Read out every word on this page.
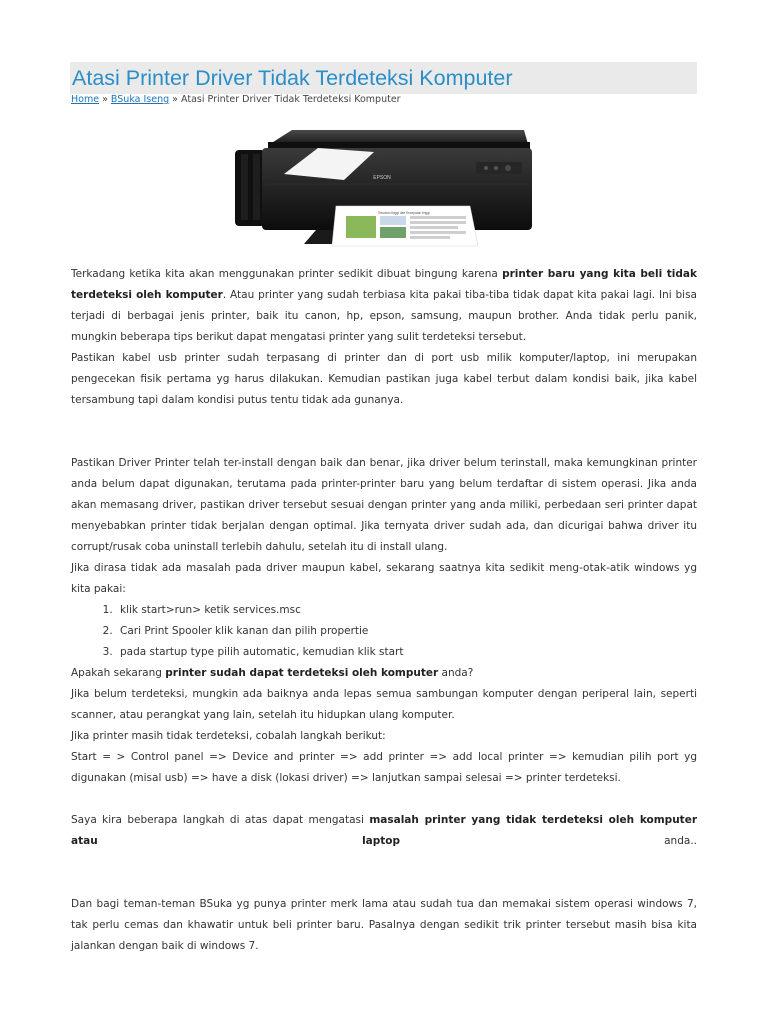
Atasi Printer Driver Tidak Terdeteksi Komputer
Home » BSuka Iseng » Atasi Printer Driver Tidak Terdeteksi Komputer
EPSON
Resolusi tinggi dan Kecepatan tinggi

Terkadang ketika kita akan menggunakan printer sedikit dibuat bingung karena printer baru yang kita beli tidak terdeteksi oleh komputer. Atau printer yang sudah terbiasa kita pakai tiba-tiba tidak dapat kita pakai lagi. Ini bisa terjadi di berbagai jenis printer, baik itu canon, hp, epson, samsung, maupun brother. Anda tidak perlu panik, mungkin beberapa tips berikut dapat mengatasi printer yang sulit terdeteksi tersebut.

Pastikan kabel usb printer sudah terpasang di printer dan di port usb milik komputer/laptop, ini merupakan pengecekan fisik pertama yg harus dilakukan. Kemudian pastikan juga kabel terbut dalam kondisi baik, jika kabel tersambung tapi dalam kondisi putus tentu tidak ada gunanya.

Pastikan Driver Printer telah ter-install dengan baik dan benar, jika driver belum terinstall, maka kemungkinan printer anda belum dapat digunakan, terutama pada printer-printer baru yang belum terdaftar di sistem operasi. Jika anda akan memasang driver, pastikan driver tersebut sesuai dengan printer yang anda miliki, perbedaan seri printer dapat menyebabkan printer tidak berjalan dengan optimal. Jika ternyata driver sudah ada, dan dicurigai bahwa driver itu corrupt/rusak coba uninstall terlebih dahulu, setelah itu di install ulang.

Jika dirasa tidak ada masalah pada driver maupun kabel, sekarang saatnya kita sedikit meng-otak-atik windows yg kita pakai:

1. klik start>run> ketik services.msc
2. Cari Print Spooler klik kanan dan pilih propertie
3. pada startup type pilih automatic, kemudian klik start

Apakah sekarang printer sudah dapat terdeteksi oleh komputer anda?

Jika belum terdeteksi, mungkin ada baiknya anda lepas semua sambungan komputer dengan periperal lain, seperti scanner, atau perangkat yang lain, setelah itu hidupkan ulang komputer.

Jika printer masih tidak terdeteksi, cobalah langkah berikut:

Start = > Control panel => Device and printer => add printer => add local printer => kemudian pilih port yg digunakan (misal usb) => have a disk (lokasi driver) => lanjutkan sampai selesai => printer terdeteksi.

Saya kira beberapa langkah di atas dapat mengatasi masalah printer yang tidak terdeteksi oleh komputer atau laptop anda..

Dan bagi teman-teman BSuka yg punya printer merk lama atau sudah tua dan memakai sistem operasi windows 7, tak perlu cemas dan khawatir untuk beli printer baru. Pasalnya dengan sedikit trik printer tersebut masih bisa kita jalankan dengan baik di windows 7.
